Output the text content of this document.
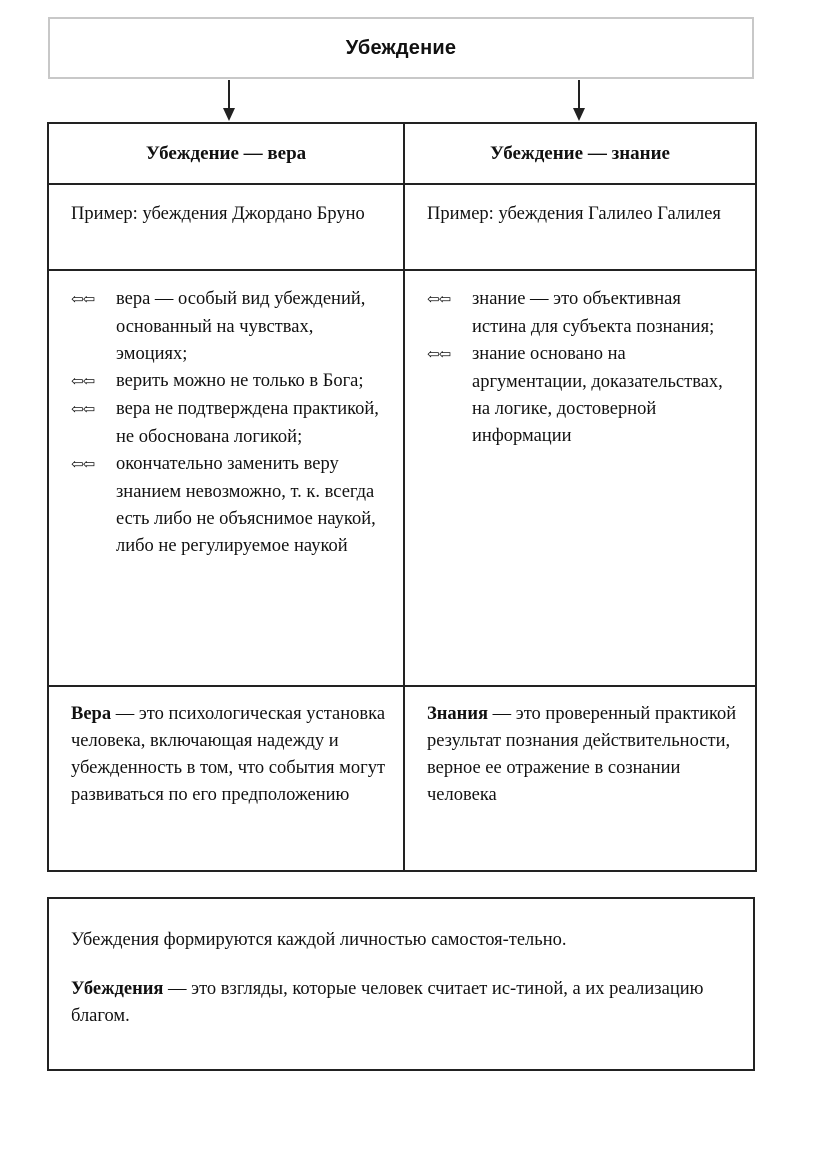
Убеждение
Убеждение — вера	Убеждение — знание
Пример: убеждения Джордано Бруно	Пример: убеждения Галилео Галилея
⇦⇦ вера — особый вид убеждений, основанный на чувствах, эмоциях;
⇦⇦ верить можно не только в Бога;
⇦⇦ вера не подтверждена практикой, не обоснована логикой;
⇦⇦ окончательно заменить веру знанием невозможно, т. к. всегда есть либо не объяснимое наукой, либо не регулируемое наукой
⇦⇦ знание — это объективная истина для субъекта познания;
⇦⇦ знание основано на аргументации, доказательствах, на логике, достоверной информации
Вера — это психологическая установка человека, включающая надежду и убежденность в том, что события могут развиваться по его предположению
Знания — это проверенный практикой результат познания действительности, верное ее отражение в сознании человека

Убеждения формируются каждой личностью самостоя-тельно.

Убеждения — это взгляды, которые человек считает ис-тиной, а их реализацию благом.
